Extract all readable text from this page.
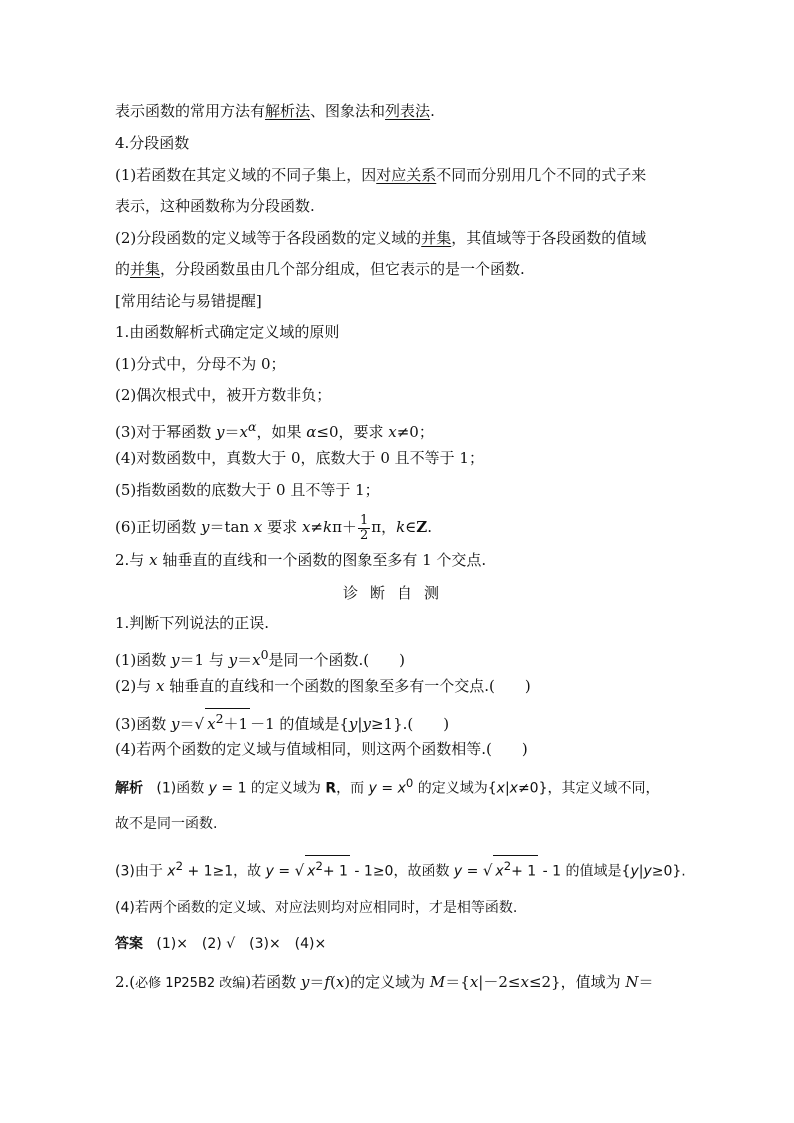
表示函数的常用方法有解析法、图象法和列表法.
4.分段函数
(1)若函数在其定义域的不同子集上，因对应关系不同而分别用几个不同的式子来
表示，这种函数称为分段函数.
(2)分段函数的定义域等于各段函数的定义域的并集，其值域等于各段函数的值域
的并集，分段函数虽由几个部分组成，但它表示的是一个函数.
[常用结论与易错提醒]
1.由函数解析式确定定义域的原则
(1)分式中，分母不为 0；
(2)偶次根式中，被开方数非负；
(3)对于幂函数 $y=x^\alpha$，如果 α≤0，要求 x≠0；
(4)对数函数中，真数大于 0，底数大于 0 且不等于 1；
(5)指数函数的底数大于 0 且不等于 1；
(6)正切函数 y＝tan x 要求 $x\ne k\pi+ \frac{1}{2}$ π，k∈Z.
2.与 x 轴垂直的直线和一个函数的图象至多有 1 个交点.
诊断自测
1.判断下列说法的正误.
(1)函数 y＝1 与 $y=x^0$是同一个函数.( )
(2)与 x 轴垂直的直线和一个函数的图象至多有一个交点.( )
(3)函数 y＝√ $x^2+1 -1$ 的值域是{y|y≥1}.( )
(4)若两个函数的定义域与值域相同，则这两个函数相等.( )
解析 (1)函数 y = 1 的定义域为 R，而 $y = x^0$ 的定义域为{x|x≠0}，其定义域不同，
故不是同一函数.
(3)由于 $x^2 + 1\ge 1$，故 y = √ $x^2+ 1 - 1\ge 0$，故函数 y = √ $x^2+ 1 - 1$ 的值域是{y|y≥0}.
(4)若两个函数的定义域、对应法则均对应相同时，才是相等函数.
答案 (1)×　(2) √　(3)×　(4)×
2.(必修 1P25B2 改编)若函数 y＝f(x)的定义域为 M＝{x|－2≤x≤2}，值域为 N＝
